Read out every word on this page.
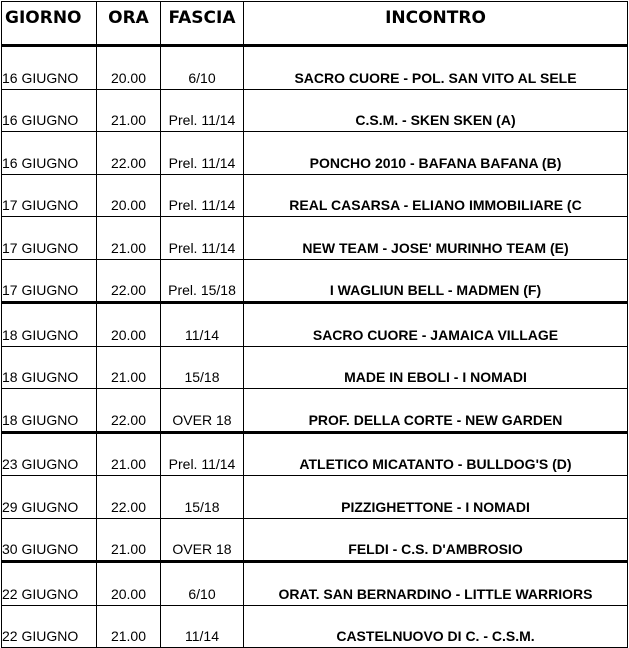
GIORNO	ORA	FASCIA	INCONTRO
16 GIUGNO	20.00	6/10	SACRO CUORE - POL. SAN VITO AL SELE
16 GIUGNO	21.00	Prel. 11/14	C.S.M. - SKEN SKEN (A)
16 GIUGNO	22.00	Prel. 11/14	PONCHO 2010 - BAFANA BAFANA (B)
17 GIUGNO	20.00	Prel. 11/14	REAL CASARSA - ELIANO IMMOBILIARE (C
17 GIUGNO	21.00	Prel. 11/14	NEW TEAM - JOSE' MURINHO TEAM (E)
17 GIUGNO	22.00	Prel. 15/18	I WAGLIUN BELL - MADMEN (F)
18 GIUGNO	20.00	11/14	SACRO CUORE - JAMAICA VILLAGE
18 GIUGNO	21.00	15/18	MADE IN EBOLI - I NOMADI
18 GIUGNO	22.00	OVER 18	PROF. DELLA CORTE - NEW GARDEN
23 GIUGNO	21.00	Prel. 11/14	ATLETICO MICATANTO - BULLDOG'S (D)
29 GIUGNO	22.00	15/18	PIZZIGHETTONE - I NOMADI
30 GIUGNO	21.00	OVER 18	FELDI - C.S. D'AMBROSIO
22 GIUGNO	20.00	6/10	ORAT. SAN BERNARDINO - LITTLE WARRIORS
22 GIUGNO	21.00	11/14	CASTELNUOVO DI C. - C.S.M.
